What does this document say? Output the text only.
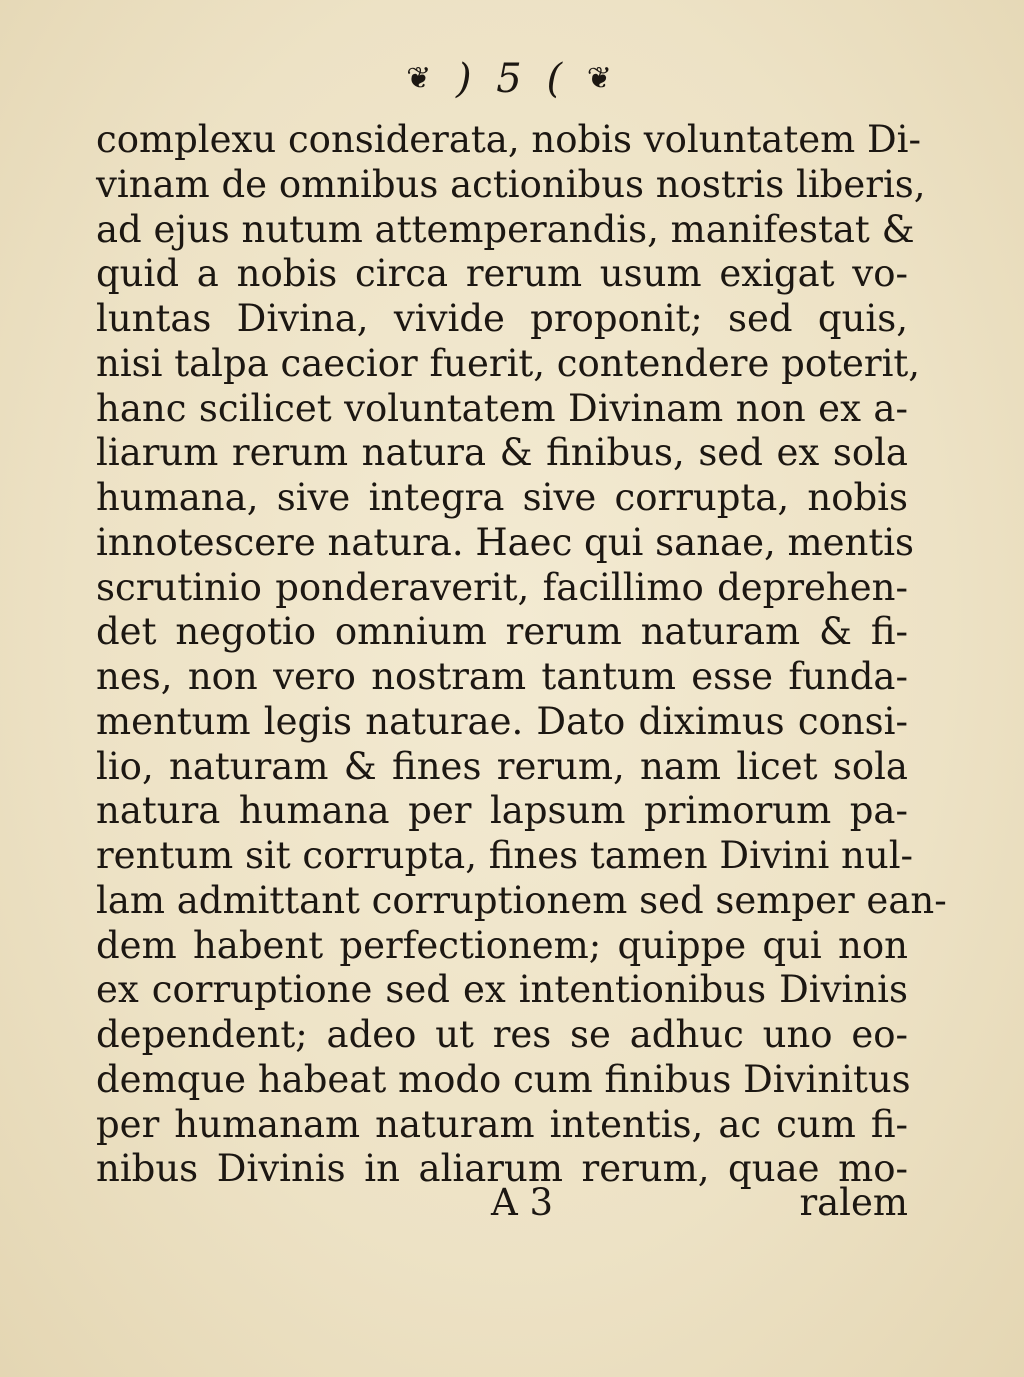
❦ ) 5 ( ❦
complexu considerata, nobis voluntatem Di-
vinam de omnibus actionibus nostris liberis,
ad ejus nutum attemperandis, manifestat &
quid a nobis circa rerum usum exigat vo-
luntas Divina, vivide proponit; sed quis,
nisi talpa caecior fuerit, contendere poterit,
hanc scilicet voluntatem Divinam non ex a-
liarum rerum natura & finibus, sed ex sola
humana, sive integra sive corrupta, nobis
innotescere natura. Haec qui sanae, mentis
scrutinio ponderaverit, facillimo deprehen-
det negotio omnium rerum naturam & fi-
nes, non vero nostram tantum esse funda-
mentum legis naturae. Dato diximus consi-
lio, naturam & fines rerum, nam licet sola
natura humana per lapsum primorum pa-
rentum sit corrupta, fines tamen Divini nul-
lam admittant corruptionem sed semper ean-
dem habent perfectionem; quippe qui non
ex corruptione sed ex intentionibus Divinis
dependent; adeo ut res se adhuc uno eo-
demque habeat modo cum finibus Divinitus
per humanam naturam intentis, ac cum fi-
nibus Divinis in aliarum rerum, quae mo-
A 3	ralem
